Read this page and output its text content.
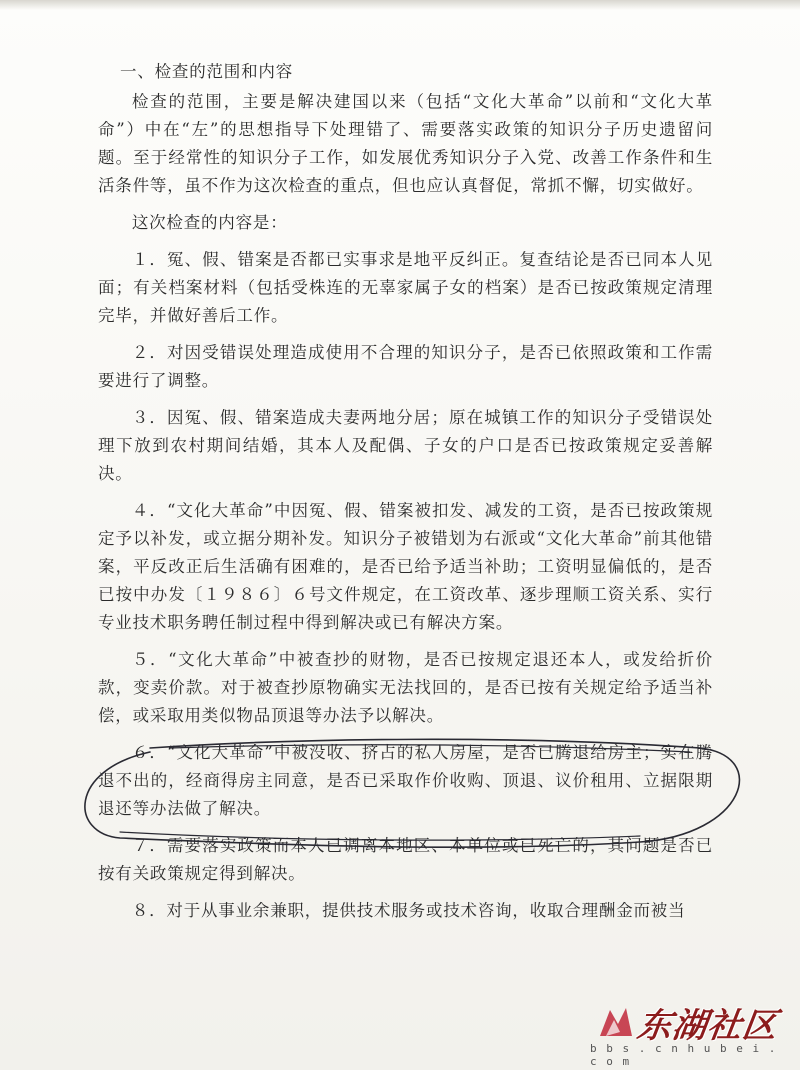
一、检查的范围和内容

检查的范围，主要是解决建国以来（包括“文化大革命”以前和“文化大革命”）中在“左”的思想指导下处理错了、需要落实政策的知识分子历史遗留问题。至于经常性的知识分子工作，如发展优秀知识分子入党、改善工作条件和生活条件等，虽不作为这次检查的重点，但也应认真督促，常抓不懈，切实做好。

这次检查的内容是：

１．冤、假、错案是否都已实事求是地平反纠正。复查结论是否已同本人见面；有关档案材料（包括受株连的无辜家属子女的档案）是否已按政策规定清理完毕，并做好善后工作。

２．对因受错误处理造成使用不合理的知识分子，是否已依照政策和工作需要进行了调整。

３．因冤、假、错案造成夫妻两地分居；原在城镇工作的知识分子受错误处理下放到农村期间结婚，其本人及配偶、子女的户口是否已按政策规定妥善解决。

４．“文化大革命”中因冤、假、错案被扣发、减发的工资，是否已按政策规定予以补发，或立据分期补发。知识分子被错划为右派或“文化大革命”前其他错案，平反改正后生活确有困难的，是否已给予适当补助；工资明显偏低的，是否已按中办发〔１９８６〕６号文件规定，在工资改革、逐步理顺工资关系、实行专业技术职务聘任制过程中得到解决或已有解决方案。

５．“文化大革命”中被查抄的财物，是否已按规定退还本人，或发给折价款，变卖价款。对于被查抄原物确实无法找回的，是否已按有关规定给予适当补偿，或采取用类似物品顶退等办法予以解决。

６．“文化大革命”中被没收、挤占的私人房屋，是否已腾退给房主；实在腾退不出的，经商得房主同意，是否已采取作价收购、顶退、议价租用、立据限期退还等办法做了解决。

７．需要落实政策而本人已调离本地区、本单位或已死亡的，其问题是否已按有关政策规定得到解决。

８．对于从事业余兼职，提供技术服务或技术咨询，收取合理酬金而被当

东湖社区
b b s . c n h u b e i . c o m
